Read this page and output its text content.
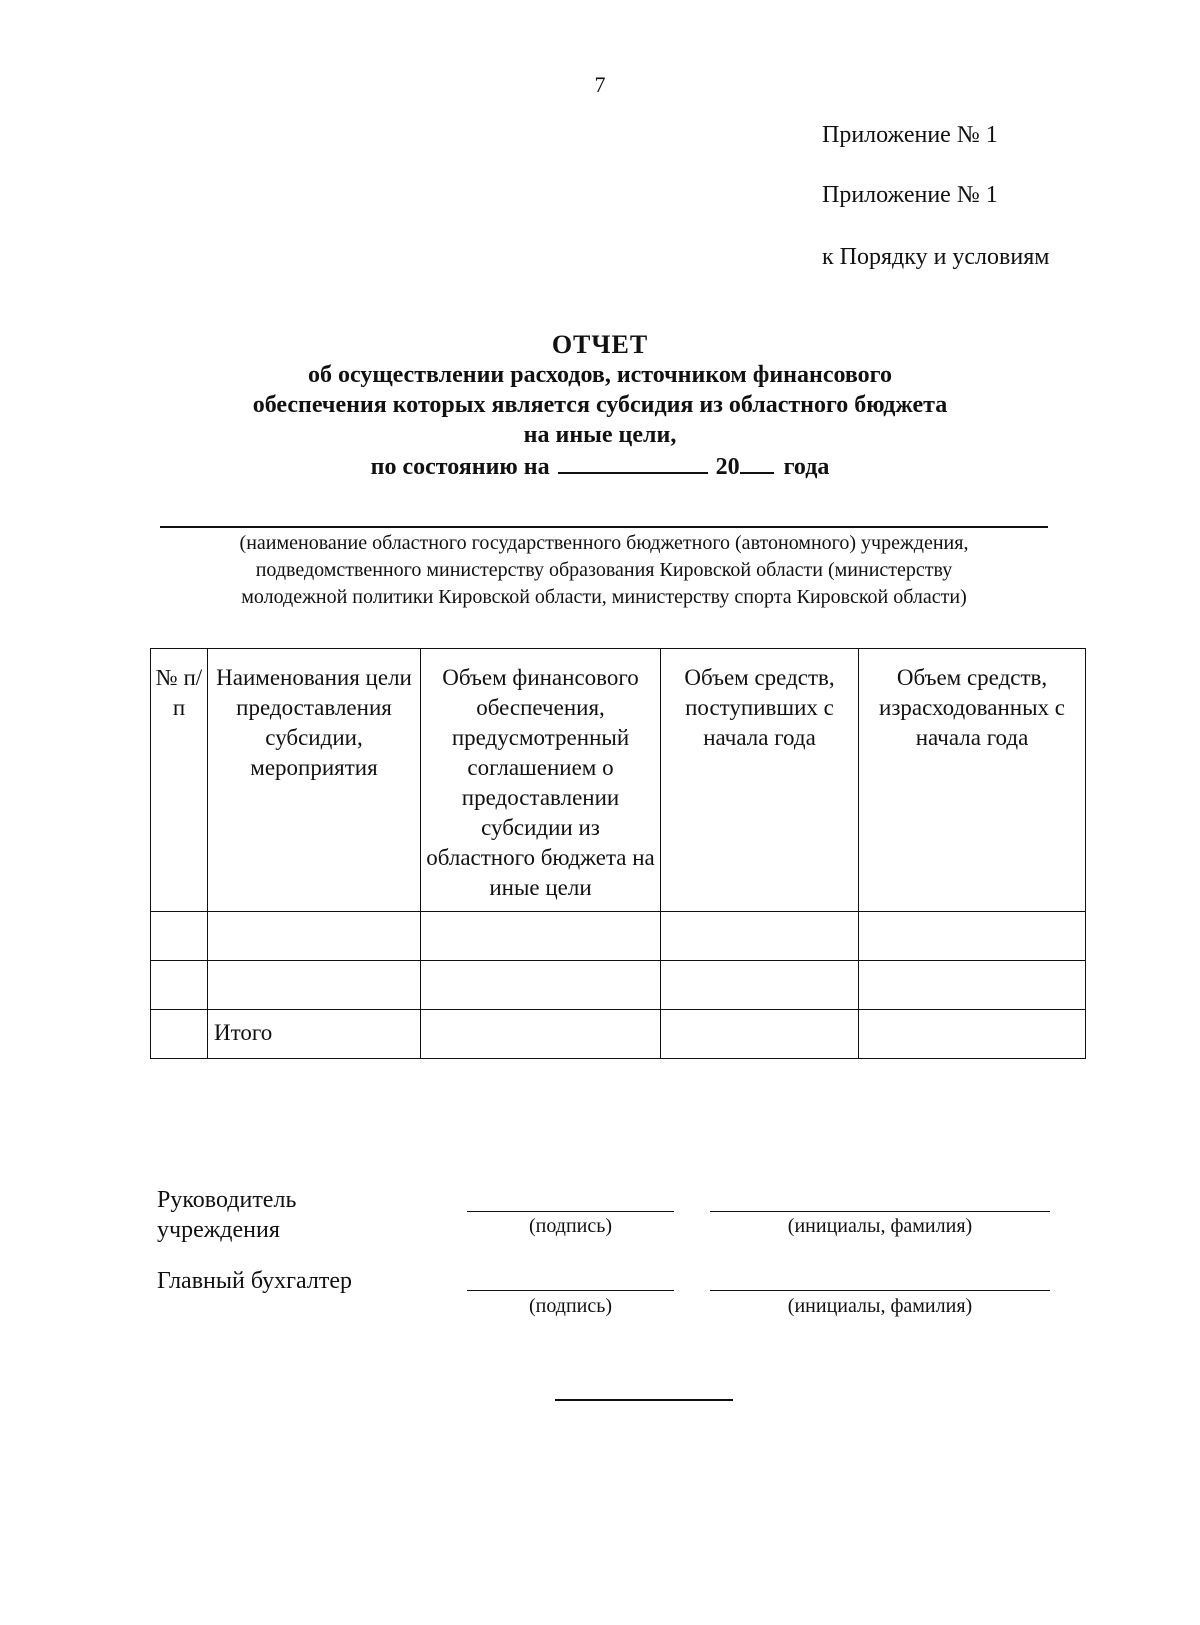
7
Приложение № 1
Приложение № 1
к Порядку и условиям
ОТЧЕТ
об осуществлении расходов, источником финансового
обеспечения которых является субсидия из областного бюджета
на иные цели,
по состоянию на	20 года
(наименование областного государственного бюджетного (автономного) учреждения,
подведомственного министерству образования Кировской области (министерству
молодежной политики Кировской области, министерству спорта Кировской области)
№ п/п	Наименования цели предоставления субсидии, мероприятия	Объем финансового обеспечения, предусмотренный соглашением о предоставлении субсидии из областного бюджета на иные цели	Объем средств, поступивших с начала года	Объем средств, израсходованных с начала года

	Итого			
Руководитель
учреждения	(подпись)	(инициалы, фамилия)
Главный бухгалтер
(подпись)	(инициалы, фамилия)
